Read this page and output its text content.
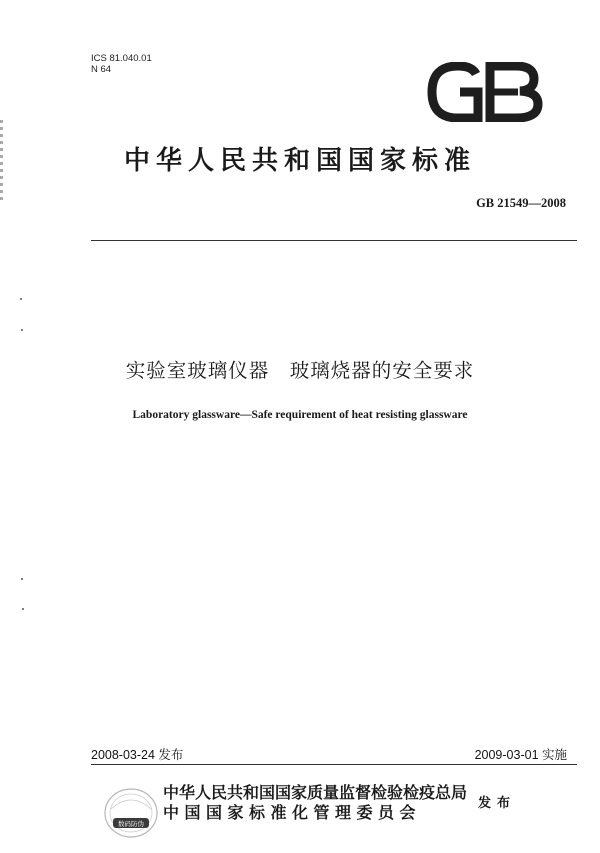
ICS 81.040.01
N 64
GB
中华人民共和国国家标准
GB 21549—2008
实验室玻璃仪器　玻璃烧器的安全要求
Laboratory glassware—Safe requirement of heat resisting glassware
2008-03-24 发布	2009-03-01 实施
数码防伪
中华人民共和国国家质量监督检验检疫总局
中国国家标准化管理委员会	发布
